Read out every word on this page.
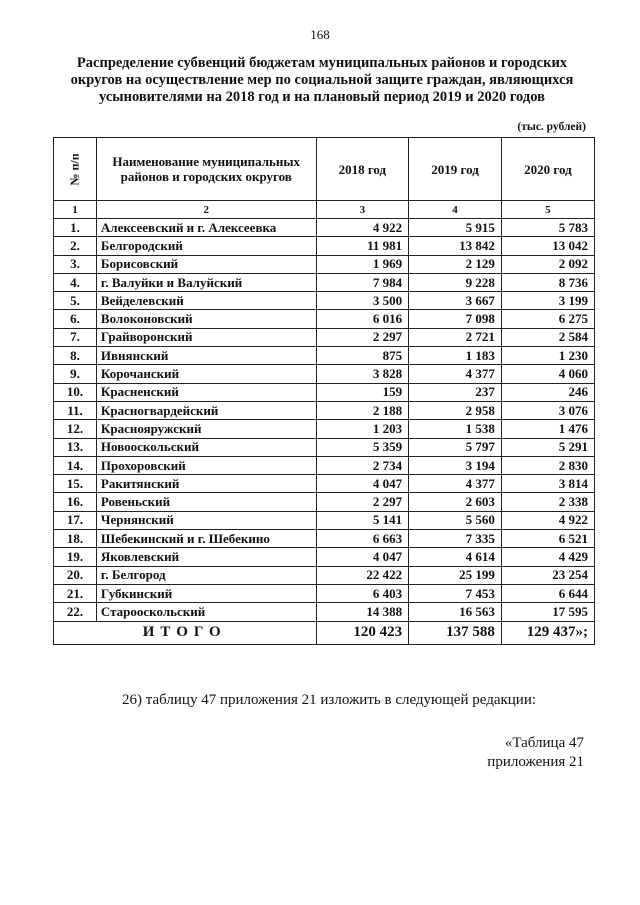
168
Распределение субвенций бюджетам муниципальных районов и городских округов на осуществление мер по социальной защите граждан, являющихся усыновителями на 2018 год и на плановый период 2019 и 2020 годов
(тыс. рублей)
№ п/п	Наименование муниципальных районов и городских округов	2018 год	2019 год	2020 год
1	2	3	4	5
1.	Алексеевский и г. Алексеевка	4 922	5 915	5 783
2.	Белгородский	11 981	13 842	13 042
3.	Борисовский	1 969	2 129	2 092
4.	г. Валуйки и Валуйский	7 984	9 228	8 736
5.	Вейделевский	3 500	3 667	3 199
6.	Волоконовский	6 016	7 098	6 275
7.	Грайворонский	2 297	2 721	2 584
8.	Ивнянский	875	1 183	1 230
9.	Корочанский	3 828	4 377	4 060
10.	Красненский	159	237	246
11.	Красногвардейский	2 188	2 958	3 076
12.	Краснояружский	1 203	1 538	1 476
13.	Новооскольский	5 359	5 797	5 291
14.	Прохоровский	2 734	3 194	2 830
15.	Ракитянский	4 047	4 377	3 814
16.	Ровеньский	2 297	2 603	2 338
17.	Чернянский	5 141	5 560	4 922
18.	Шебекинский и г. Шебекино	6 663	7 335	6 521
19.	Яковлевский	4 047	4 614	4 429
20.	г. Белгород	22 422	25 199	23 254
21.	Губкинский	6 403	7 453	6 644
22.	Старооскольский	14 388	16 563	17 595
ИТОГО		120 423	137 588	129 437»;
26) таблицу 47 приложения 21 изложить в следующей редакции:
«Таблица 47
приложения 21
